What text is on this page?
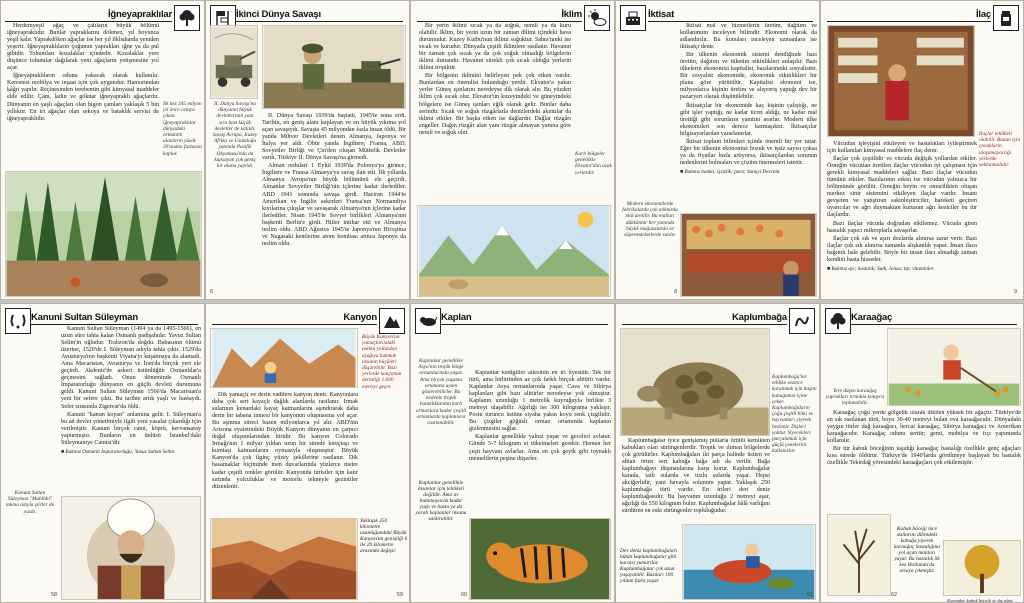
İğneyapraklılar

Herdemyeşil ağaç ve çalıların büyük bölümü iğneyapraklıdır. Bunlar yapraklarını dökmez, yıl boyunca yeşil kalır. Yaprakdöken ağaçlar ise her yıl ilkbaharda yeniden yeşerir. İğneyapraklıların çoğunun yaprakları iğne ya da pul gibidir. Tohumları kozalaklar içindedir. Kozalaklar yere düşünce tohumlar dağılarak yeni ağaçların yetişmesine yol açar.

İğneyapraklıların odunu yakacak olarak kullanılır. Kerestesi mobilya ve inşaat için çok uygundur. Hamurundan kâğıt yapılır. Reçinesinden terebentin gibi kimyasal maddeler elde edilir. Çam, ladin ve göknar iğneyapraklı ağaçlardır. Dünyanın en yaşlı ağaçları olan bigon çamları yaklaşık 5 bin yıllıktır. En iri ağaçlar olan sekoya ve bataklık servisi de iğneyapraklıdır.

İlk kez 345 milyon yıl önce ortaya çıkan iğneyapraklılar dünyadaki ormanlık alanların yüzde 30'undan fazlasını kaplar.
İkinci Dünya Savaşı
II. Dünya Savaşı'na dünyanın büyük devletlerinin yanı sıra bazı küçük devletler de katıldı. Savaş Avrupa, Kuzey Afrika ve Uzakdoğu yanında Pasifik Okyanusu'nda da kapsayan çok geniş bir alana yayıldı.

II. Dünya Savaşı 1939'da başladı, 1945'te sona erdi. Tarihin, en geniş alanı kaplayan ve en büyük yıkıma yol açan savaşıydı. Savaşta 45 milyondan fazla insan öldü. Bir yanda Mihver Devletleri denen Almanya, Japonya ve İtalya yer aldı. Öbür yanda İngiltere, Fransa, ABD, Sovyetler Birliği ve Çin'den oluşan Müttefik Devletler vardı. Türkiye II. Dünya Savaşı'na girmedi.

Alman ordulari 1 Eylül 1939'da Polonya'ya girince, İngiltere ve Fransa Almanya'ya savaş ilan etti. İlk yıllarda Almanya Avrupa'nın büyük bölümünü ele geçirdi. Almanlar Sovyetler Birliği'nin içlerine kadar ilerlediler. ABD 1941 sonunda savaşa girdi. Haziran 1944'te Amerikan ve İngiliz askerleri Fransa'nın Normandiya kıyılarına çıkışlar ve savaşarak Almanya'nın içlerine kadar ilerlediler. Nisan 1945'te Sovyet birlikleri Almanya'nın başkenti Berlin'e girdi. Hitler intihar etti ve Almanya teslim oldu. ABD Ağustos 1945'te Japonya'nın Hiroşima ve Nagasaki kentlerine atom bombası atınca Japonya da teslim oldu.

6
İklim

Bir yerin iklimi sıcak ya da soğuk, nemli ya da kuru olabilir. İklim, bir yerin uzun bir zaman dilimi içindeki hava durumudur. Kuzey Kutbu'nun iklimi soğuktur. Sahra'nınki ise sıcak ve kurudur. Dünyada çeşitli iklimlere rastlanır. Havanın bir zaman çok sıcak ya da çok soğuk olmadığı bölgelerin iklimi ılımandır. Havanın sürekli çok sıcak olduğu yerlerin iklimi tropiktir.

Bir bölgenin iklimini belirleyen pek çok etken vardır. Bunlardan en önemlisi bulunduğu yerdir. Ekvator'a yakın yerler Güneş ışınlarını neredeyse dik olarak alır. Bu yüzden iklim çok sıcak olur. Ekvator'un kuzeyindeki ve güneyindeki bölgelere ise Güneş ışınları eğik olarak gelir. Bunlar daha serindir. Sıcak ve soğuk rüzgârlarla denizlerdeki akıntılar da iklimi etkiler. Bir başka etken ise dağlardır. Dağlar rüzgârı engeller. Dağın rüzgâr alan yanı rüzgâr almayan yanına göre nemli ve soğuk olur.

Karlı bölgeler genellikle Ekvator'dan uzak yerlerdir.
İktisat
Modern ekonomilerde fabrikalarda çok miktarda mal üretilir. Bu malları dükkânlar her yanında büyük mağazalarda ve süpermarketlerde satılır.

İktisat mal ve hizmetlerin üretim, dağıtım ve kullanımını inceleyen bilimdir. Ekonomi olarak da adlandırılır. Bu konuları inceleyen uzmanlara ise iktisatçı denir.

Bir ülkenin ekonomik sistemi dendiğinde bazı üretim, dağıtım ve tüketim etkinlikleri anlaşılır. Bazı ülkelerin ekonomisi kapitalist, bazılarınınki sosyalisttir. Bir sosyalist ekonomide, ekonomik etkinlikleri bir plana göre yürütülür. Kapitalist ekonomi ise, milyonlarca kişinin üretim ve alışveriş yaptığı dev bir pazaryeri olarak düşünülebilir.

İktisatçılar bir ekonomide kaç kişinin çalıştığı, ne gibi işler yaptığı, ne kadar ücret aldığı, ne kadar mal ürettiği gibi sorunların yanıtını ararlar. Modern ülke ekonomileri son derece karmaşıktır. İktisatçılar bilgisayarlardan yararlanırlar.

İktisat toplum bilimleri içinde önemli bir yer tutar. Eğer bir ülkenin ekonomisi bozuk ve işsiz sayısı çoksa ya da fiyatlar hızla artıyorsa, iktisatçılardan sorunun nedenlerini bulmaları ve çözüm önermeleri istenir.

■ Bakınız banka; işsizlik; para; Sanayi Devrimi.
8
İlaç
İlaçlar tehlikeli olabilir. Bunun için çocukların ulaşamayacağı yerlerde saklanmalıdır.

Vücudun işleyişini etkileyen ve hastalıkları iyileştirmek için kullanılan kimyasal maddelere ilaç denir.

İlaçlar çok çeşitlidir ve vücuda değişik yollardan etkiler. Örneğin vücuttan üretilen ilaçlar vücudun iyi çalışması için gerekli kimyasal maddeleri sağlar. Bazı ilaçlar vücudun tümünü etkiler. Bazılarının etkisi ise vücudun yalnızca bir bölümünde görülür. Örneğin beyin ve omurilikten oluşan merkez sinir sistemini etkileyen ilaçlar vardır. İnsanı gevşeten ve yatıştıran sakinleştiriciler, hareketi geçiren uyarıcılar ve ağrı duymaktan kurtaran ağrı kesiciler bu tür ilaçlardır.

Bazı ilaçlar vücuda doğrudan etkilemez. Vücuda giren hastalık yapıcı mikroplarla savaşırlar.

İlaçlar çok sık ve aşırı dozlarda alınırsa zarar verir. Bazı ilaçlar çok sık alınırsa zamanla alışkanlık yapar. İnsan ilaca bağımlı hale gelebilir. Böyle bir insan ilacı almadığı zaman kendini hasta hisseder.

■ Bakınız ayı; hastalık; Salk, Jonas; tıp; vitaminler.
9
Kanuni Sultan Süleyman

Kanuni Sultan Süleyman (1494 ya da 1495-1566), en uzun süre tahta kalan Osmanlı padişahıdır. Yavuz Sultan Selim'in oğludur. Trabzon'da doğdu. Babasının ölümü üzerine, 1520'de I. Süleyman adıyla tahta çıktı. 1529'da Avusturya'nın başkenti Viyana'yı kuşatmaya da alamadı. Ama Macaristan, Avusturya ve İran'da birçok yeri ele geçirdi. Akdeniz'de askeri üstünlüğün Osmanlılar'a geçmesini sağladı. Onun döneminde Osmanlı İmparatorluğu dünyanın en güçlü devleti durumuna geldi. Kanuni Sultan Süleyman 1566'da Macaristan'a yeni bir sefere çıktı. Bu tarihte artık yaşlı ve hastaydı. Sefer sırasında Zigetvar'da öldü.

Kanuni "kanun koyan" anlamına gelir. I. Süleyman'a bu ad devlet yönetimiyle ilgili yeni yasalar çıkardığı için verilmiştir. Kanuni birçok cami, köprü, kervansaray yaptırmıştır. Bunların en ünlüsü İstanbul'daki Süleymaniye Camisi'dir.

■ Bakınız Osmanlı İmparatorluğu; Yavuz Sultan Selim.
Kanuni Sultan Süleyman "Muhibbi" takma adıyla şiirler de yazdı.
58
Kanyon
Büyük Kanyon'un yamaçlarındaki patika yollardan aşağıya bakmak insanın büyüleri düşürebilir. Bazı yerlerde kanyonun derinliği 1.600 metreyi geçer.

Dik yamaçlı ve derin vadilere kanyon denir. Kanyonlara daha çok sert kayaçlı dağlık alanlarda rastlanır. Irmak sularının kenardaki kayaç katmanlarını aşındırarak daha derin bir tabana inmesi bir kanyonun oluşmasına yol açar. Bu aşınma süreci bazen milyonlarca yıl alır. ABD'nin Arizona eyaletindeki Büyük Kanyon dünyanın en çarpıcı doğal oluşumlarından biridir. Bu kanyon Colorado Irmağı'nın 1 milyar yıldan uzun bir sürede kireçtaşı ve kumtaşı katmanlarını oymasıyla oluşmuştur. Büyük Kanyon'da çok ilginç yüzey şekillerine rastlanır. Dik basamaklar biçiminde inen duvarlarında yüzlerce metre kadar çeşitli renkler görülür. Kanyonda turistler için katır sırtında yolculuklar ve motorlu tekneyle gezintiler düzenlenir.

Yaklaşık 350 kilometre uzunluğundaki Büyük Kanyon'un genişliği 6 ile 29 kilometre arasında değişir.
59
Kaplan
Kaplanlar genellikle Asya'nın tropik bölge ormanlarında yaşar. Ama birçok yaşama ortamına uyum gösterebilirler. Bu nedenle tropik bataklıklardan karlı ormanlara kadar çeşitli ortamlarda kaplanlara rastlanabilir.

Kaplanlar kedigiller ailesinin en iri üyesidir. Tek bir türü, ama birbirinden az çok farklı birçok alttürü vardır. Kaplanlar Asya ormanlarında yaşar. Cava ve Sibirya kaplanları gibi bazı alttürler neredeyse yok olmuştur. Kaplanın uzunluğu 1 metrelik kuyruğuyla birlikte 3 metreyi ulaşabilir. Ağırlığı ise 300 kilograma yaklaşır. Postu turuncu üstüne siyaha yakın koyu renk çizgilidir. Bu çizgiler göğüsli orman ortamında kaplanın gizlenmesini sağlar.

Kaplanlar genellikle yalnız yaşar ve geceleri avlanır. Günde 5-7 kilogram et tüketmeleri gerekir. Hemen her çeşit hayvanı avlarlar. Ama en çok geyik gibi toynaklı memelilerin peşine düşerler.

Kaplanlar genellikle insanlar için tehlikeli değildir. Ama av bulamayacak kadar yaşlı ve hasta ya da yaralı kaplanlar insana saldırabilir.
60
Kaplumbağa
Kaplumbağa'lar tehlike sezince korunmak için başını kabuğunun içine çeker. Kaplumbağaların çoğu çeşitli bitki ve hayvanları yiyerek beslenir. Dişleri yoktur. Yiyecekleri parçalamak için güçlü çenelerini kullanırlar.

Kaplumbağalar iyice genişlemiş pullarla örtülü kemikten kabukları olan sürüngenlerdir. Tropik ve ılıman bölgelerde çok görülürler. Kaplumbağaları iki parça halinde üstten ve alttan örten sert kabuğa bağa adı da verilir. Bağa kaplumbağayı düşmanlarına karşı korur. Kaplumbağalar karada, tatlı sularda ve tuzlu sularda yaşar. Hepsi akciğerlidir, yani havayla solunum yapar. Yaklaşık 250 kaplumbağa türü vardır. En irileri deri deniz kaplumbağasıdır. Bu hayvanın uzunluğu 2 metreyi aşar, ağırlığı da 550 kilogram bulur. Kaplumbağalar hâlâ varlığını sürdüren en eski sürüngenler topluluğudur.

Dev deniz kaplumbağaları bütün kaplumbağalar gibi karaya yumurtlar. Kaplumbağalar çok uzun yaşayabilir. Bazıları 100 yıldan fazla yaşar.
61
Karaağaç
Yere düşen karaağaç yaprakları tırmıkla kolayca toplanabilir.

Karaağaç çoğu yerde gölgelik olarak dikilen yüksek bir ağaçtır. Türkiye'de en sık rastlanan türü, boyu 30-40 metreyi bulan ova karaağacıdır. Dünyadaki yaygın türler dağ karaağacı, hercai karaağaç, Sibirya karaağacı ve Amerikan karaağacıdır. Karaağaç odunu serttir; gemi, mobilya ve fıçı yapımında kullanılır.

Bir tür kabuk böceğinin taşıdığı karaağaç hastalığı özellikle genç ağaçları kısa sürede öldürür. Türkiye'de 1940'larda görülmeye başlayan bu hastalık özellikle Tekirdağ yöresindeki karaağaçları çok etkilemiştir.

Kabuk böceği ince dallarını dibindeki kabuğa yiyerek karaağaç hastalığına yol açan mantarı yayar. Bu hastalık ilk kez Hollanda'da ortaya çıkmıştır.
Karaağaç kabuk böceği ve dış ağaç
62
